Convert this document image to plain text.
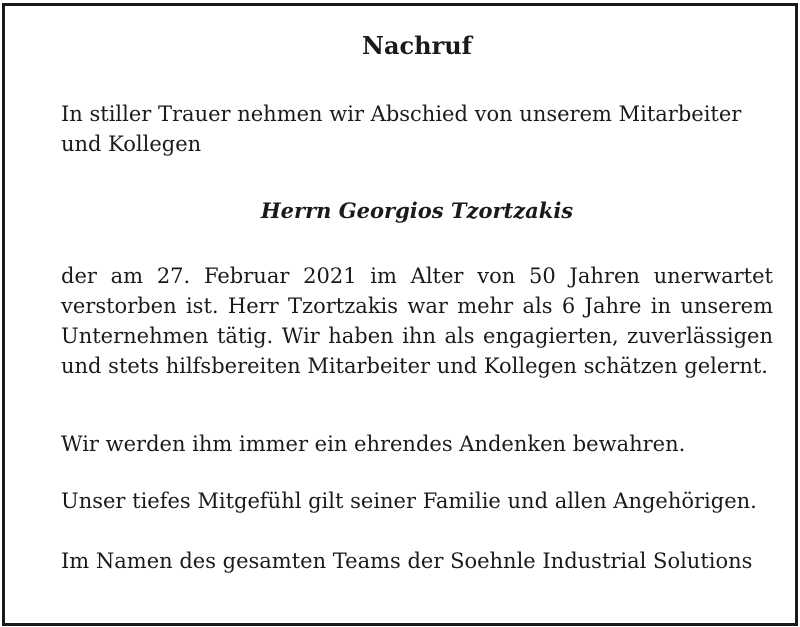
Nachruf

In stiller Trauer nehmen wir Abschied von unserem Mitarbeiter und Kollegen

Herrn Georgios Tzortzakis

der am 27. Februar 2021 im Alter von 50 Jahren unerwartet verstorben ist. Herr Tzortzakis war mehr als 6 Jahre in unserem Unternehmen tätig. Wir haben ihn als engagierten, zuverlässigen und stets hilfsbereiten Mitarbeiter und Kollegen schätzen gelernt.

Wir werden ihm immer ein ehrendes Andenken bewahren.

Unser tiefes Mitgefühl gilt seiner Familie und allen Angehörigen.

Im Namen des gesamten Teams der Soehnle Industrial Solutions
